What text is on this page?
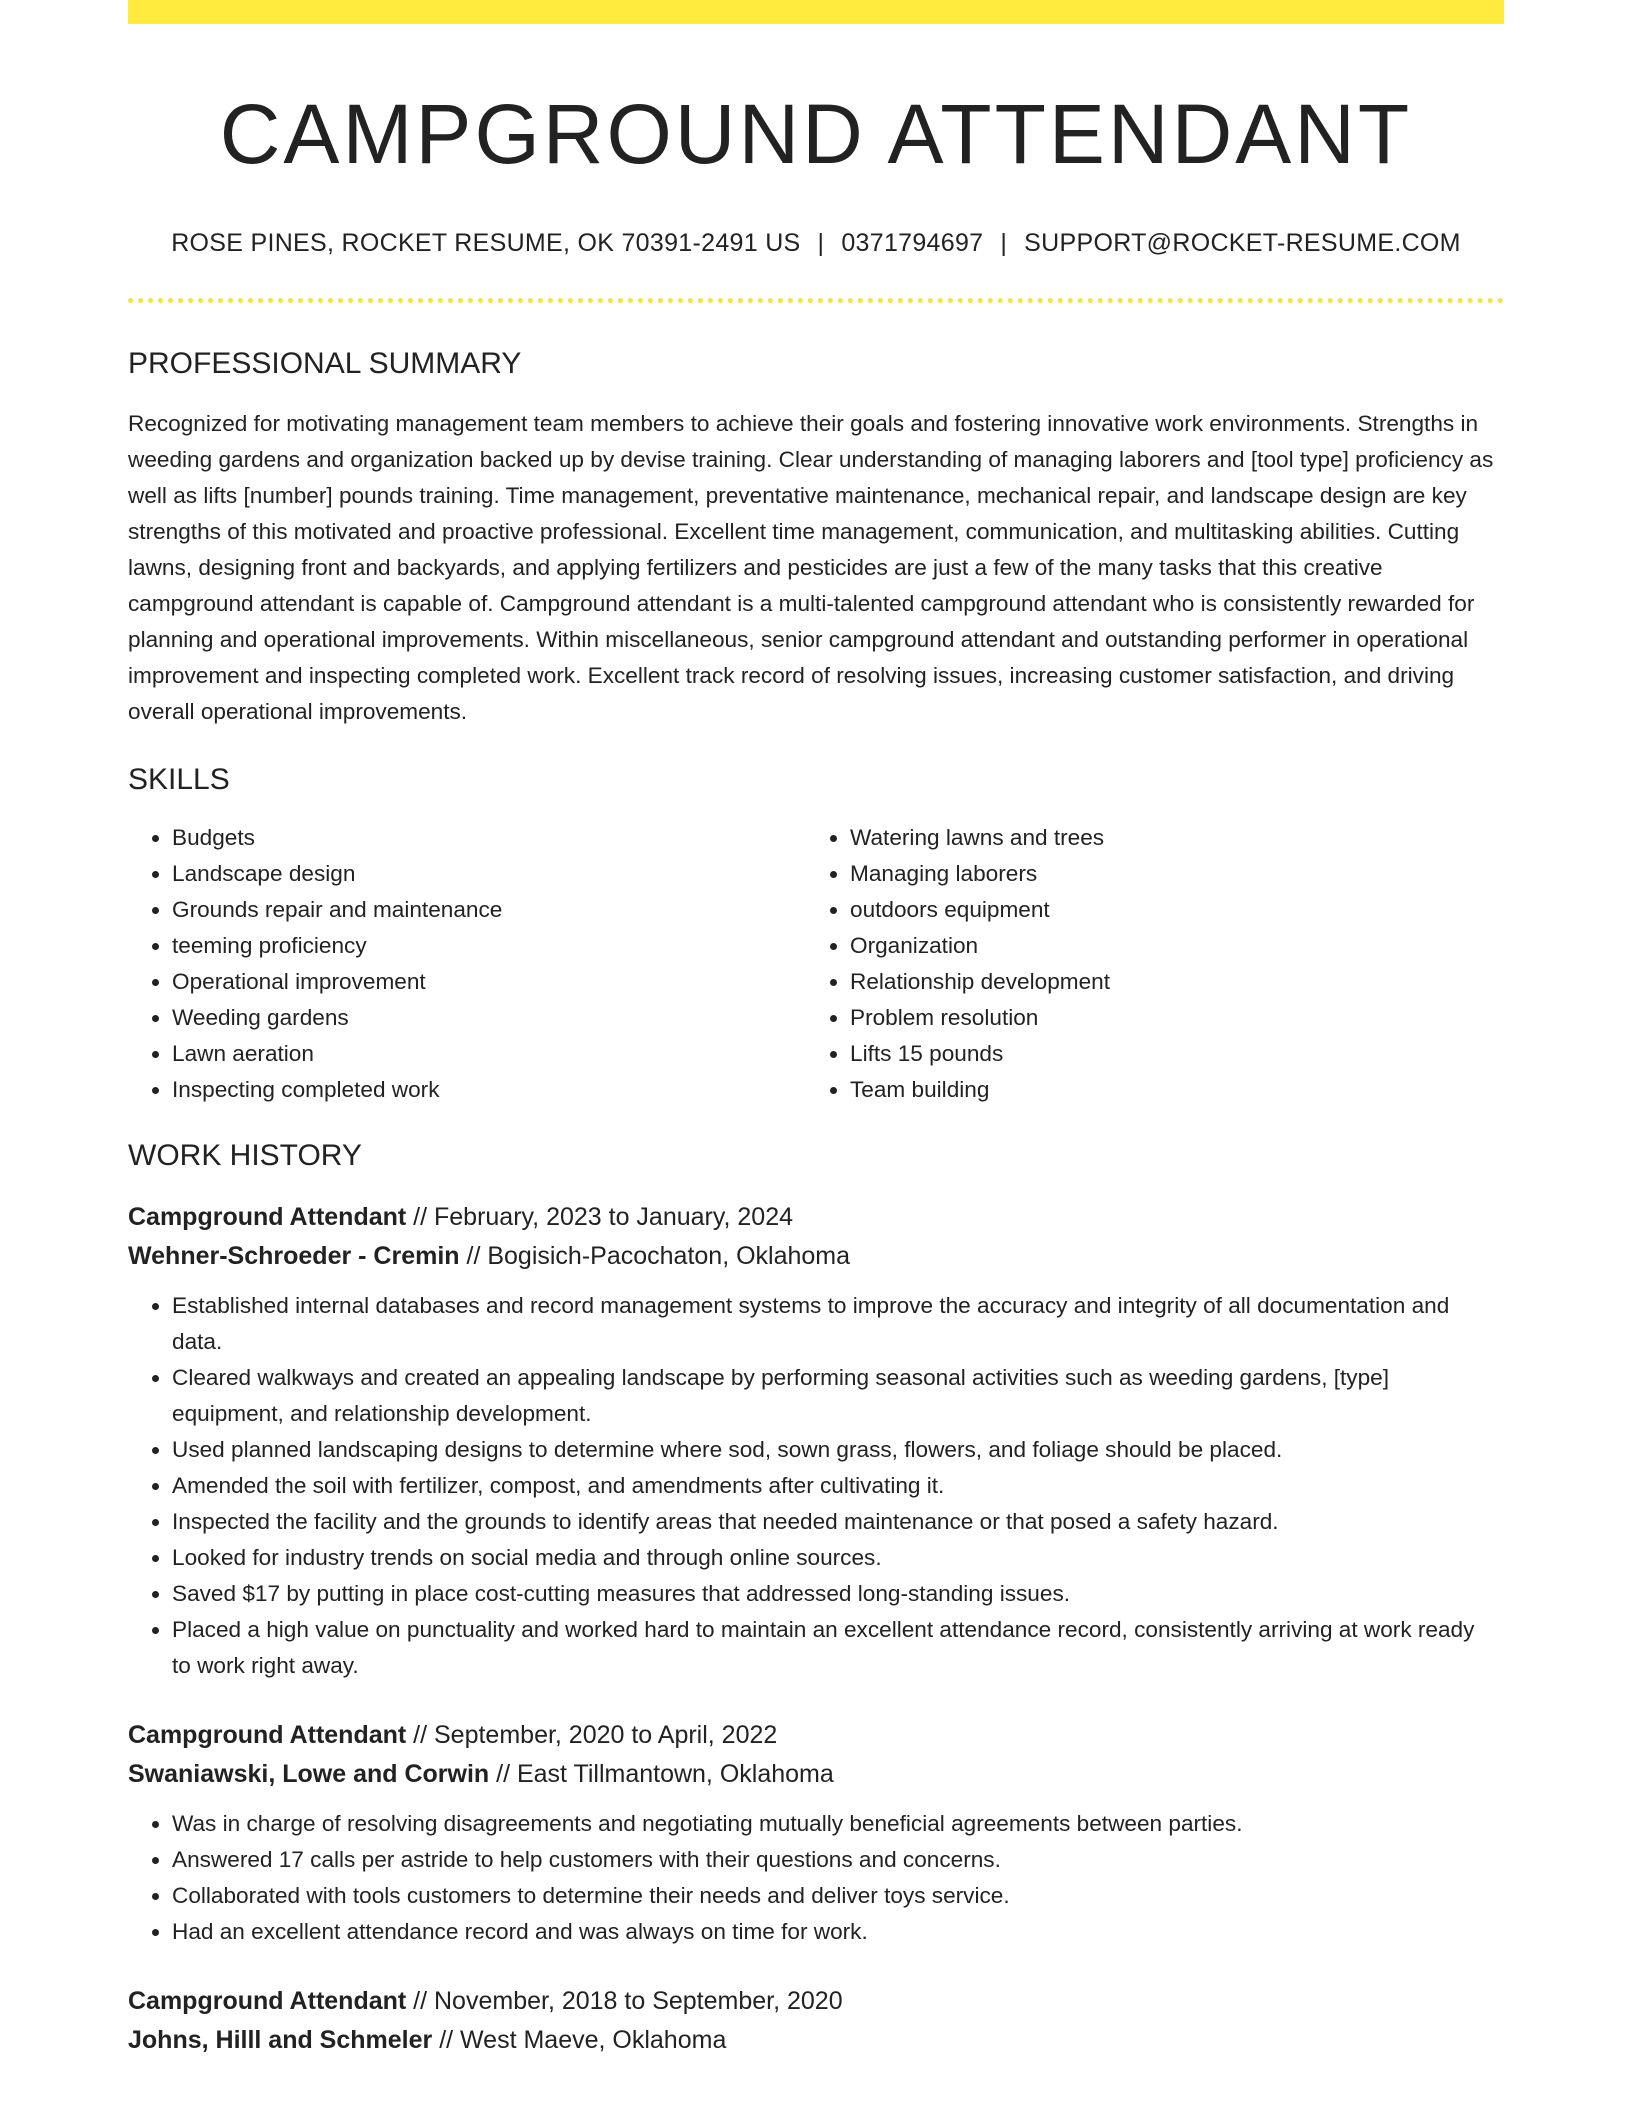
CAMPGROUND ATTENDANT
ROSE PINES, ROCKET RESUME, OK 70391-2491 US | 0371794697 | SUPPORT@ROCKET-RESUME.COM
PROFESSIONAL SUMMARY

Recognized for motivating management team members to achieve their goals and fostering innovative work environments. Strengths in weeding gardens and organization backed up by devise training. Clear understanding of managing laborers and [tool type] proficiency as well as lifts [number] pounds training. Time management, preventative maintenance, mechanical repair, and landscape design are key strengths of this motivated and proactive professional. Excellent time management, communication, and multitasking abilities. Cutting lawns, designing front and backyards, and applying fertilizers and pesticides are just a few of the many tasks that this creative campground attendant is capable of. Campground attendant is a multi-talented campground attendant who is consistently rewarded for planning and operational improvements. Within miscellaneous, senior campground attendant and outstanding performer in operational improvement and inspecting completed work. Excellent track record of resolving issues, increasing customer satisfaction, and driving overall operational improvements.

SKILLS
• Budgets
• Landscape design
• Grounds repair and maintenance
• teeming proficiency
• Operational improvement
• Weeding gardens
• Lawn aeration
• Inspecting completed work
• Watering lawns and trees
• Managing laborers
• outdoors equipment
• Organization
• Relationship development
• Problem resolution
• Lifts 15 pounds
• Team building
WORK HISTORY
Campground Attendant // February, 2023 to January, 2024
Wehner-Schroeder - Cremin // Bogisich-Pacochaton, Oklahoma
• Established internal databases and record management systems to improve the accuracy and integrity of all documentation and data.
• Cleared walkways and created an appealing landscape by performing seasonal activities such as weeding gardens, [type] equipment, and relationship development.
• Used planned landscaping designs to determine where sod, sown grass, flowers, and foliage should be placed.
• Amended the soil with fertilizer, compost, and amendments after cultivating it.
• Inspected the facility and the grounds to identify areas that needed maintenance or that posed a safety hazard.
• Looked for industry trends on social media and through online sources.
• Saved $17 by putting in place cost-cutting measures that addressed long-standing issues.
• Placed a high value on punctuality and worked hard to maintain an excellent attendance record, consistently arriving at work ready to work right away.
Campground Attendant // September, 2020 to April, 2022
Swaniawski, Lowe and Corwin // East Tillmantown, Oklahoma
• Was in charge of resolving disagreements and negotiating mutually beneficial agreements between parties.
• Answered 17 calls per astride to help customers with their questions and concerns.
• Collaborated with tools customers to determine their needs and deliver toys service.
• Had an excellent attendance record and was always on time for work.
Campground Attendant // November, 2018 to September, 2020
Johns, Hilll and Schmeler // West Maeve, Oklahoma
